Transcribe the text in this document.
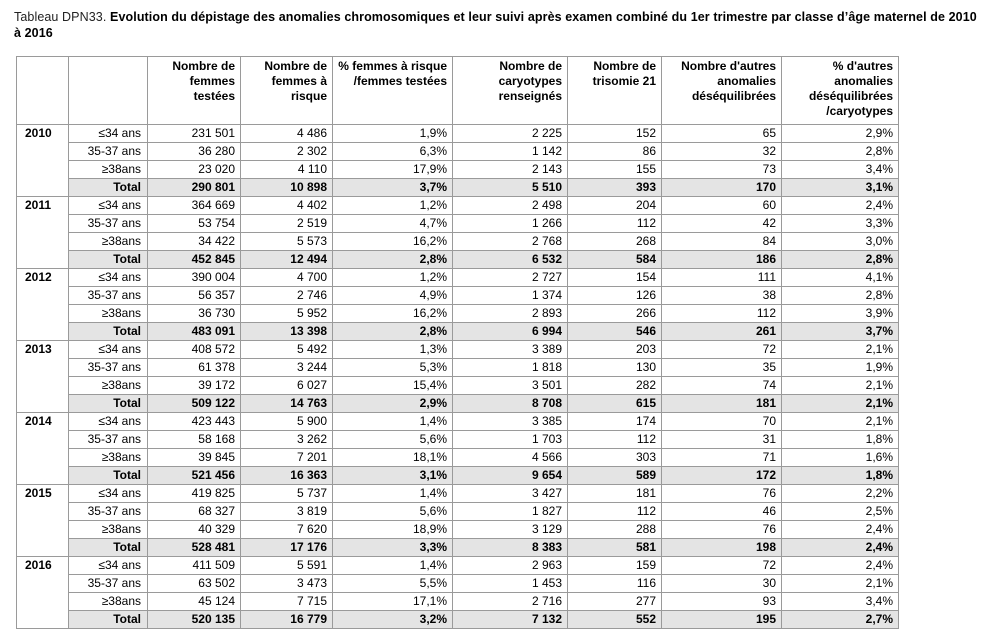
Tableau DPN33. Evolution du dépistage des anomalies chromosomiques et leur suivi après examen combiné du 1er trimestre par classe d’âge maternel de 2010 à 2016
		Nombre de femmes testées	Nombre de femmes à risque	% femmes à risque /femmes testées	Nombre de caryotypes renseignés	Nombre de trisomie 21	Nombre d'autres anomalies déséquilibrées	% d'autres anomalies déséquilibrées /caryotypes
2010	≤34 ans	231 501	4 486	1,9%	2 225	152	65	2,9%
	35-37 ans	36 280	2 302	6,3%	1 142	86	32	2,8%
	≥38ans	23 020	4 110	17,9%	2 143	155	73	3,4%
	Total	290 801	10 898	3,7%	5 510	393	170	3,1%
2011	≤34 ans	364 669	4 402	1,2%	2 498	204	60	2,4%
	35-37 ans	53 754	2 519	4,7%	1 266	112	42	3,3%
	≥38ans	34 422	5 573	16,2%	2 768	268	84	3,0%
	Total	452 845	12 494	2,8%	6 532	584	186	2,8%
2012	≤34 ans	390 004	4 700	1,2%	2 727	154	111	4,1%
	35-37 ans	56 357	2 746	4,9%	1 374	126	38	2,8%
	≥38ans	36 730	5 952	16,2%	2 893	266	112	3,9%
	Total	483 091	13 398	2,8%	6 994	546	261	3,7%
2013	≤34 ans	408 572	5 492	1,3%	3 389	203	72	2,1%
	35-37 ans	61 378	3 244	5,3%	1 818	130	35	1,9%
	≥38ans	39 172	6 027	15,4%	3 501	282	74	2,1%
	Total	509 122	14 763	2,9%	8 708	615	181	2,1%
2014	≤34 ans	423 443	5 900	1,4%	3 385	174	70	2,1%
	35-37 ans	58 168	3 262	5,6%	1 703	112	31	1,8%
	≥38ans	39 845	7 201	18,1%	4 566	303	71	1,6%
	Total	521 456	16 363	3,1%	9 654	589	172	1,8%
2015	≤34 ans	419 825	5 737	1,4%	3 427	181	76	2,2%
	35-37 ans	68 327	3 819	5,6%	1 827	112	46	2,5%
	≥38ans	40 329	7 620	18,9%	3 129	288	76	2,4%
	Total	528 481	17 176	3,3%	8 383	581	198	2,4%
2016	≤34 ans	411 509	5 591	1,4%	2 963	159	72	2,4%
	35-37 ans	63 502	3 473	5,5%	1 453	116	30	2,1%
	≥38ans	45 124	7 715	17,1%	2 716	277	93	3,4%
	Total	520 135	16 779	3,2%	7 132	552	195	2,7%
